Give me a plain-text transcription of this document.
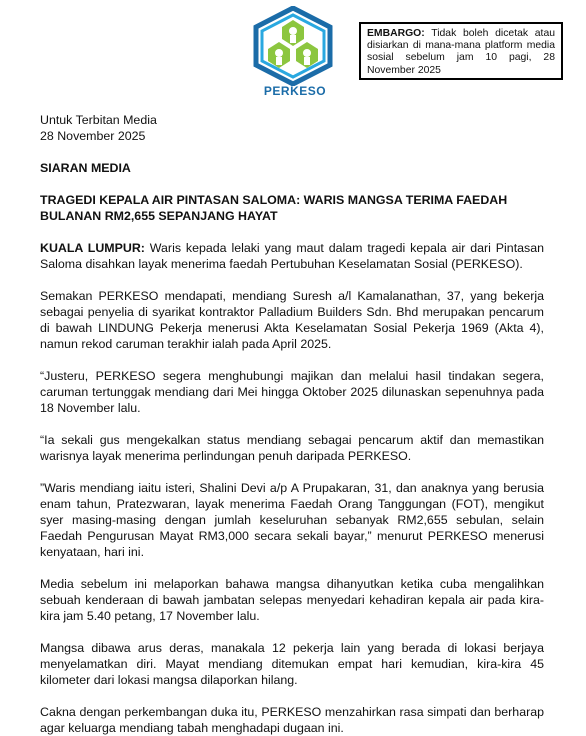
PERKESO
EMBARGO: Tidak boleh dicetak atau disiarkan di mana-mana platform media sosial sebelum jam 10 pagi, 28 November 2025

Untuk Terbitan Media

28 November 2025

SIARAN MEDIA

TRAGEDI KEPALA AIR PINTASAN SALOMA: WARIS MANGSA TERIMA FAEDAH BULANAN RM2,655 SEPANJANG HAYAT

KUALA LUMPUR: Waris kepada lelaki yang maut dalam tragedi kepala air dari Pintasan Saloma disahkan layak menerima faedah Pertubuhan Keselamatan Sosial (PERKESO).

Semakan PERKESO mendapati, mendiang Suresh a/l Kamalanathan, 37, yang bekerja sebagai penyelia di syarikat kontraktor Palladium Builders Sdn. Bhd merupakan pencarum di bawah LINDUNG Pekerja menerusi Akta Keselamatan Sosial Pekerja 1969 (Akta 4), namun rekod caruman terakhir ialah pada April 2025.

“Justeru, PERKESO segera menghubungi majikan dan melalui hasil tindakan segera, caruman tertunggak mendiang dari Mei hingga Oktober 2025 dilunaskan sepenuhnya pada 18 November lalu.

“Ia sekali gus mengekalkan status mendiang sebagai pencarum aktif dan memastikan warisnya layak menerima perlindungan penuh daripada PERKESO.

”Waris mendiang iaitu isteri, Shalini Devi a/p A Prupakaran, 31, dan anaknya yang berusia enam tahun, Pratezwaran, layak menerima Faedah Orang Tanggungan (FOT), mengikut syer masing-masing dengan jumlah keseluruhan sebanyak RM2,655 sebulan, selain Faedah Pengurusan Mayat RM3,000 secara sekali bayar,” menurut PERKESO menerusi kenyataan, hari ini.

Media sebelum ini melaporkan bahawa mangsa dihanyutkan ketika cuba mengalihkan sebuah kenderaan di bawah jambatan selepas menyedari kehadiran kepala air pada kira-kira jam 5.40 petang, 17 November lalu.

Mangsa dibawa arus deras, manakala 12 pekerja lain yang berada di lokasi berjaya menyelamatkan diri. Mayat mendiang ditemukan empat hari kemudian, kira-kira 45 kilometer dari lokasi mangsa dilaporkan hilang.

Cakna dengan perkembangan duka itu, PERKESO menzahirkan rasa simpati dan berharap agar keluarga mendiang tabah menghadapi dugaan ini.
